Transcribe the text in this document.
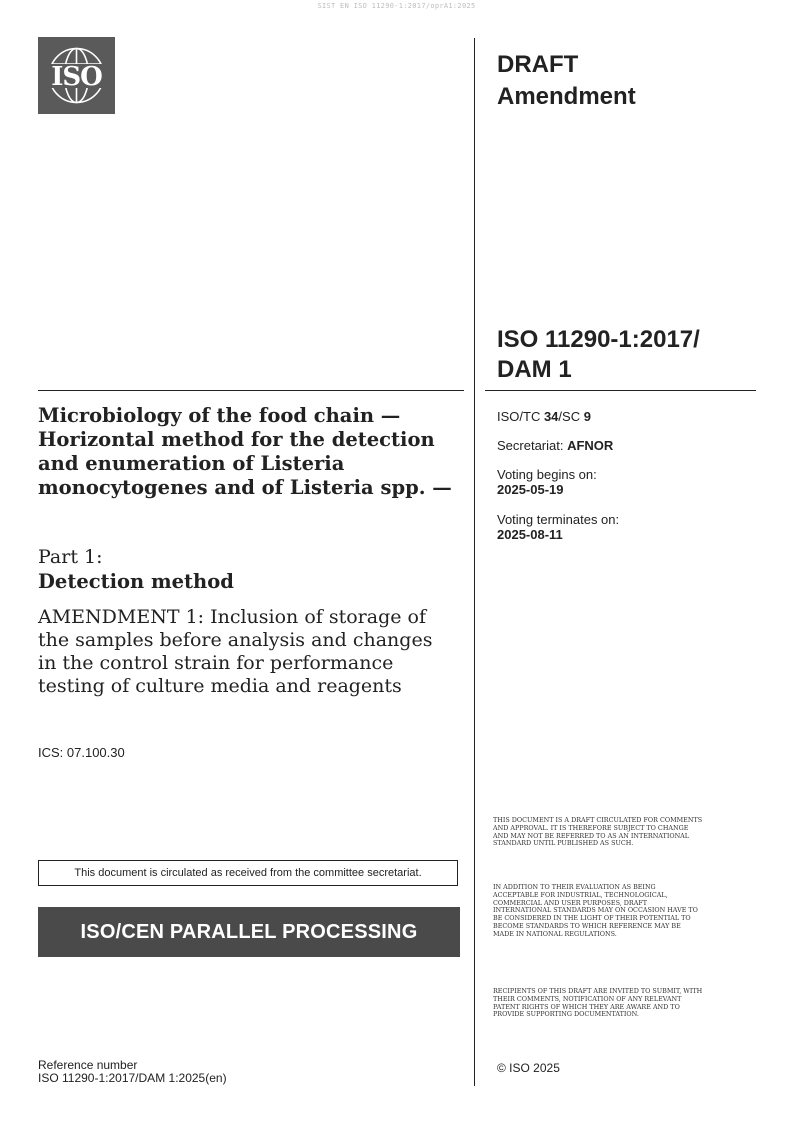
SIST EN ISO 11290-1:2017/oprA1:2025
ISO	DRAFT
Amendment
ISO 11290-1:2017/
DAM 1
Microbiology of the food chain — Horizontal method for the detection and enumeration of Listeria monocytogenes and of Listeria spp. —
Part 1:
Detection method
AMENDMENT 1: Inclusion of storage of the samples before analysis and changes in the control strain for performance testing of culture media and reagents
ICS: 07.100.30
ISO/TC 34/SC 9
Secretariat: AFNOR
Voting begins on:
2025-05-19
Voting terminates on:
2025-08-11
THIS DOCUMENT IS A DRAFT CIRCULATED FOR COMMENTS AND APPROVAL. IT IS THEREFORE SUBJECT TO CHANGE AND MAY NOT BE REFERRED TO AS AN INTERNATIONAL STANDARD UNTIL PUBLISHED AS SUCH.
IN ADDITION TO THEIR EVALUATION AS BEING ACCEPTABLE FOR INDUSTRIAL, TECHNOLOGICAL, COMMERCIAL AND USER PURPOSES, DRAFT INTERNATIONAL STANDARDS MAY ON OCCASION HAVE TO BE CONSIDERED IN THE LIGHT OF THEIR POTENTIAL TO BECOME STANDARDS TO WHICH REFERENCE MAY BE MADE IN NATIONAL REGULATIONS.
RECIPIENTS OF THIS DRAFT ARE INVITED TO SUBMIT, WITH THEIR COMMENTS, NOTIFICATION OF ANY RELEVANT PATENT RIGHTS OF WHICH THEY ARE AWARE AND TO PROVIDE SUPPORTING DOCUMENTATION.
This document is circulated as received from the committee secretariat.
ISO/CEN PARALLEL PROCESSING
Reference number
ISO 11290-1:2017/DAM 1:2025(en)
© ISO 2025
